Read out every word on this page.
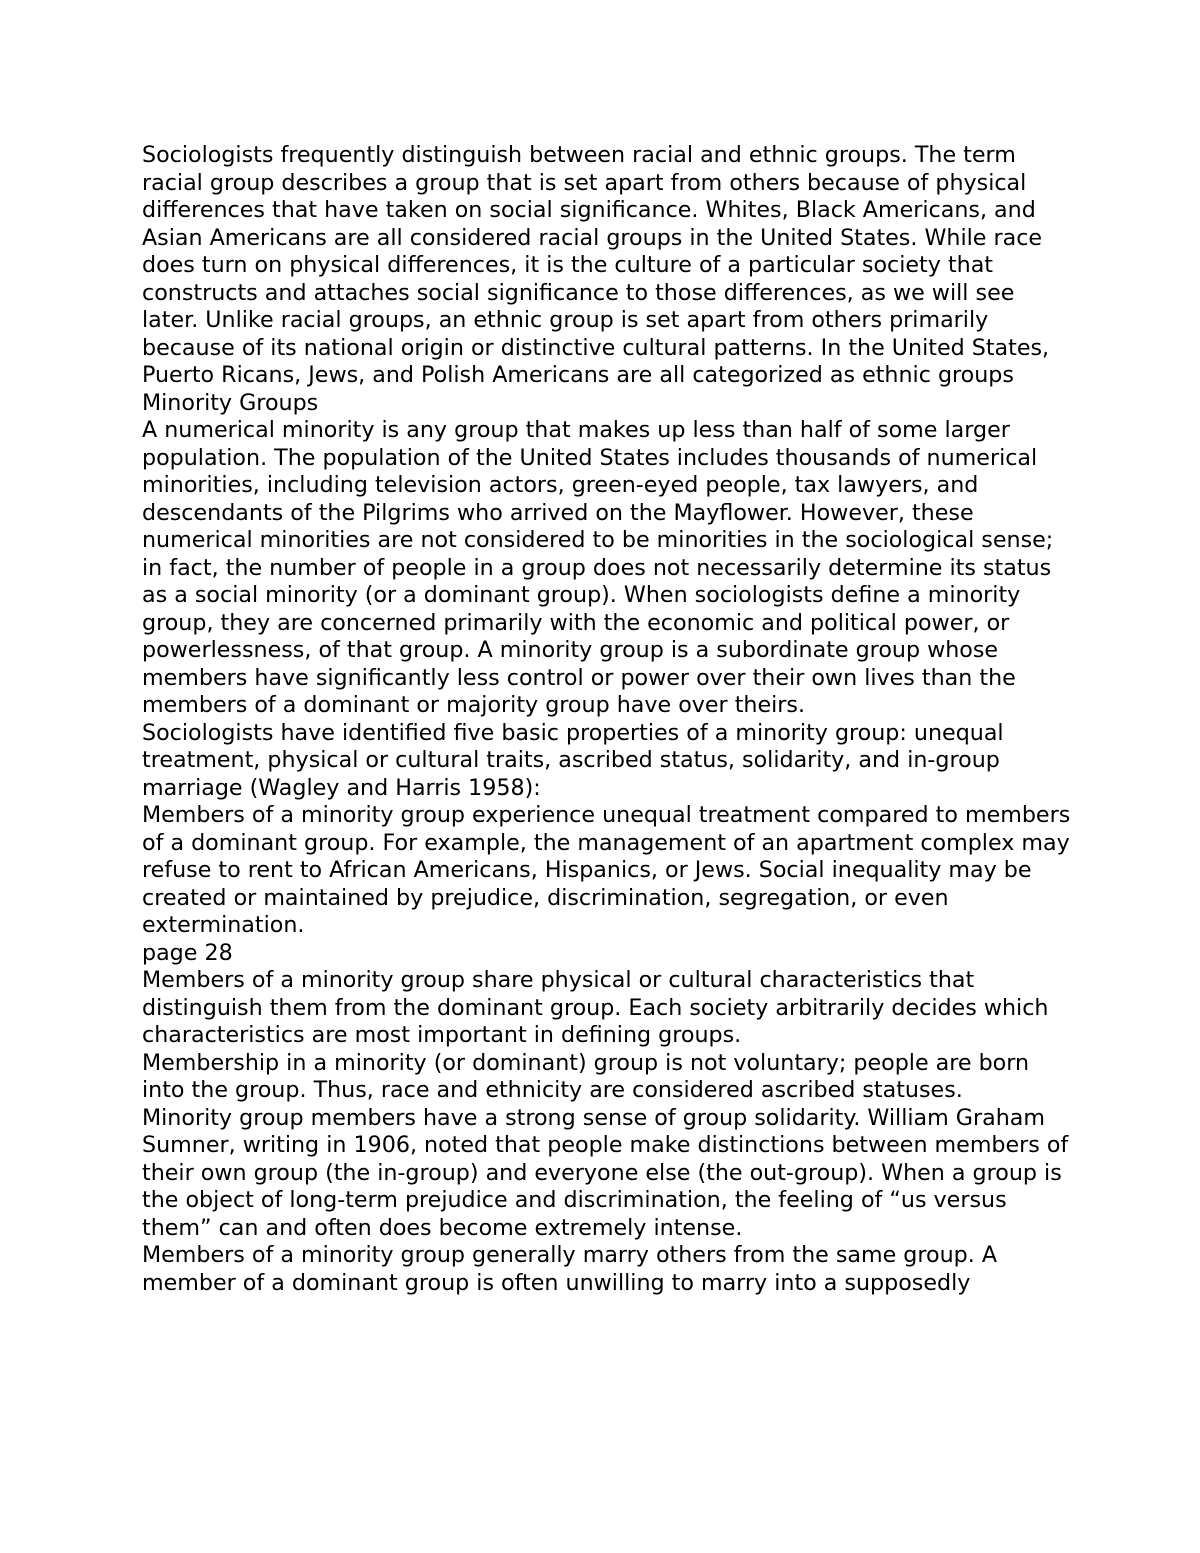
Sociologists frequently distinguish between racial and ethnic groups. The term racial group describes a group that is set apart from others because of physical differences that have taken on social significance. Whites, Black Americans, and Asian Americans are all considered racial groups in the United States. While race does turn on physical differences, it is the culture of a particular society that constructs and attaches social significance to those differences, as we will see later. Unlike racial groups, an ethnic group is set apart from others primarily because of its national origin or distinctive cultural patterns. In the United States, Puerto Ricans, Jews, and Polish Americans are all categorized as ethnic groups

Minority Groups

A numerical minority is any group that makes up less than half of some larger population. The population of the United States includes thousands of numerical minorities, including television actors, green-eyed people, tax lawyers, and descendants of the Pilgrims who arrived on the Mayflower. However, these numerical minorities are not considered to be minorities in the sociological sense; in fact, the number of people in a group does not necessarily determine its status as a social minority (or a dominant group). When sociologists define a minority group, they are concerned primarily with the economic and political power, or powerlessness, of that group. A minority group is a subordinate group whose members have significantly less control or power over their own lives than the members of a dominant or majority group have over theirs.

Sociologists have identified five basic properties of a minority group: unequal treatment, physical or cultural traits, ascribed status, solidarity, and in-group marriage (Wagley and Harris 1958):

Members of a minority group experience unequal treatment compared to members of a dominant group. For example, the management of an apartment complex may refuse to rent to African Americans, Hispanics, or Jews. Social inequality may be created or maintained by prejudice, discrimination, segregation, or even extermination.

page 28

Members of a minority group share physical or cultural characteristics that distinguish them from the dominant group. Each society arbitrarily decides which characteristics are most important in defining groups.

Membership in a minority (or dominant) group is not voluntary; people are born into the group. Thus, race and ethnicity are considered ascribed statuses.

Minority group members have a strong sense of group solidarity. William Graham Sumner, writing in 1906, noted that people make distinctions between members of their own group (the in-group) and everyone else (the out-group). When a group is the object of long-term prejudice and discrimination, the feeling of “us versus them” can and often does become extremely intense.

Members of a minority group generally marry others from the same group. A member of a dominant group is often unwilling to marry into a supposedly
